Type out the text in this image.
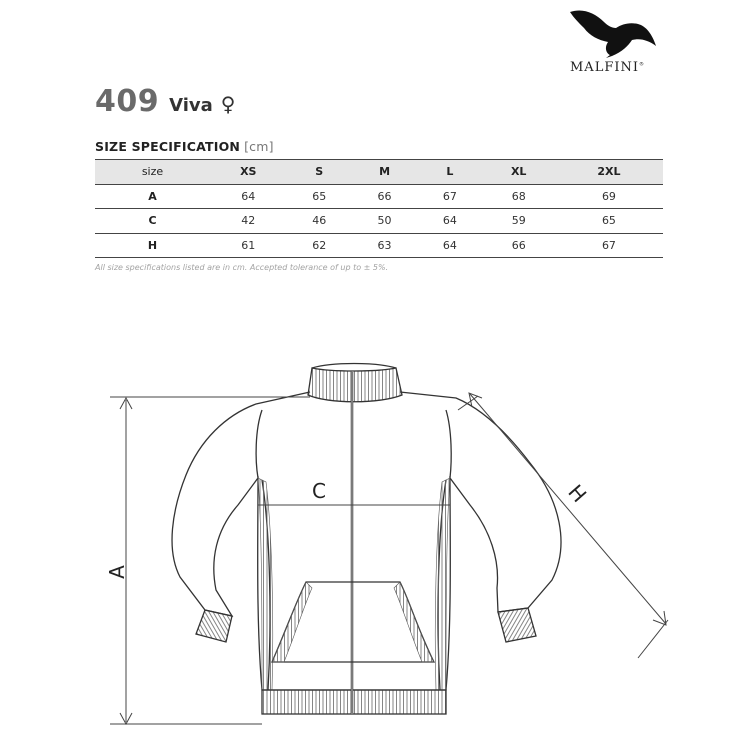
MALFINI®
409 Viva ♀
SIZE SPECIFICATION [cm]
size	XS	S	M	L	XL	2XL
A	64	65	66	67	68	69
C	42	46	50	64	59	65
H	61	62	63	64	66	67
All size specifications listed are in cm. Accepted tolerance of up to ± 5%.
C
A
H
